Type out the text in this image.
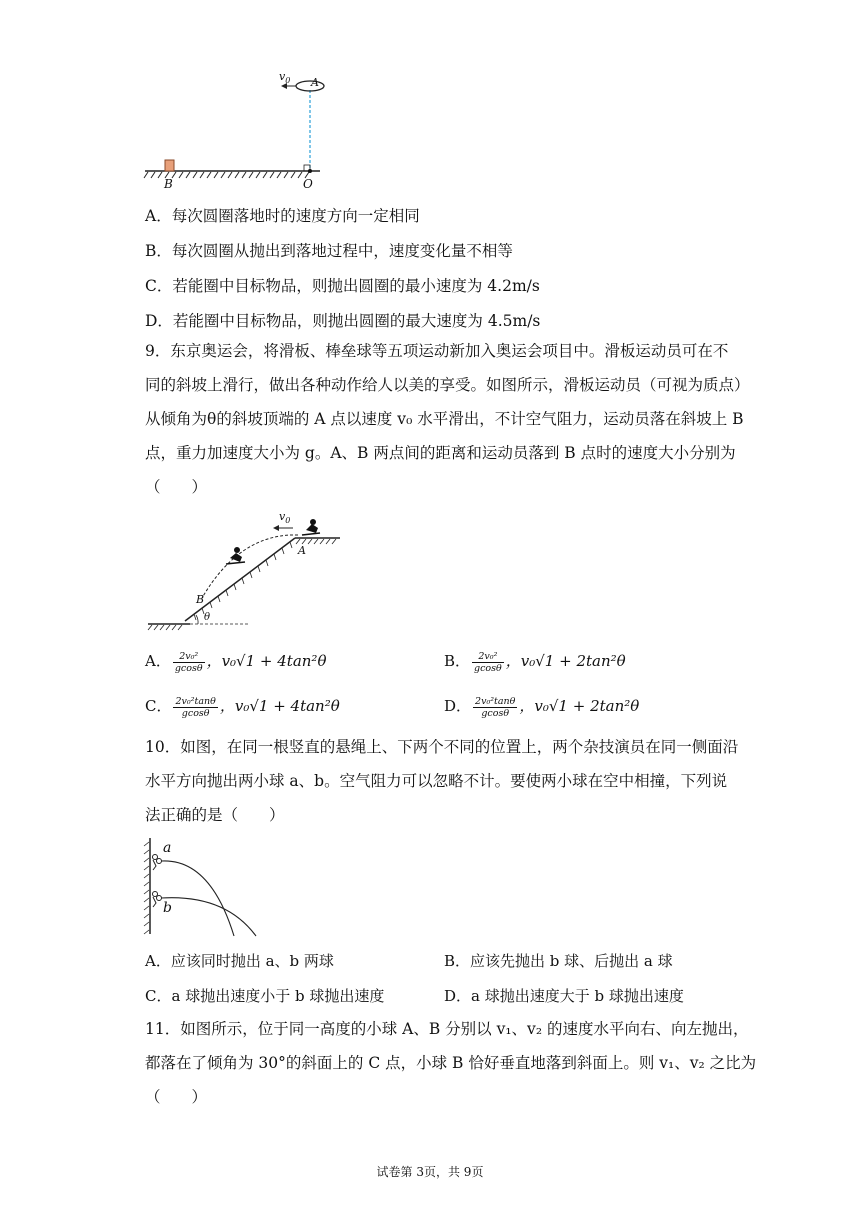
$v_0$ A
B	O
A．每次圆圈落地时的速度方向一定相同
B．每次圆圈从抛出到落地过程中，速度变化量不相等
C．若能圈中目标物品，则抛出圆圈的最小速度为 4.2m/s
D．若能圈中目标物品，则抛出圆圈的最大速度为 4.5m/s
9．东京奥运会，将滑板、棒垒球等五项运动新加入奥运会项目中。滑板运动员可在不
同的斜坡上滑行，做出各种动作给人以美的享受。如图所示，滑板运动员（可视为质点）
从倾角为θ的斜坡顶端的 A 点以速度 v₀ 水平滑出，不计空气阻力，运动员落在斜坡上 B
点，重力加速度大小为 g。A、B 两点间的距离和运动员落到 B 点时的速度大小分别为
（　　）
$v_0$
A
B
θ
A． $\frac{\text{2v₀²}}{gcos\theta}$ ，v₀√1 + 4tan²θ	B． $\frac{\text{2v₀²}}{gcos\theta}$ ，v₀√1 + 2tan²θ
C． $\frac{\text{2v₀²tanθ}}{gcos\theta}$ ，v₀√1 + 4tan²θ	D． $\frac{\text{2v₀²tanθ}}{gcos\theta}$ ，v₀√1 + 2tan²θ
10．如图，在同一根竖直的悬绳上、下两个不同的位置上，两个杂技演员在同一侧面沿
水平方向抛出两小球 a、b。空气阻力可以忽略不计。要使两小球在空中相撞，下列说
法正确的是（　　）
a
b
A．应该同时抛出 a、b 两球	B．应该先抛出 b 球、后抛出 a 球
C．a 球抛出速度小于 b 球抛出速度	D．a 球抛出速度大于 b 球抛出速度
11．如图所示，位于同一高度的小球 A、B 分别以 v₁、v₂ 的速度水平向右、向左抛出，
都落在了倾角为 30°的斜面上的 C 点，小球 B 恰好垂直地落到斜面上。则 v₁、v₂ 之比为
（　　）
试卷第 3页，共 9页
